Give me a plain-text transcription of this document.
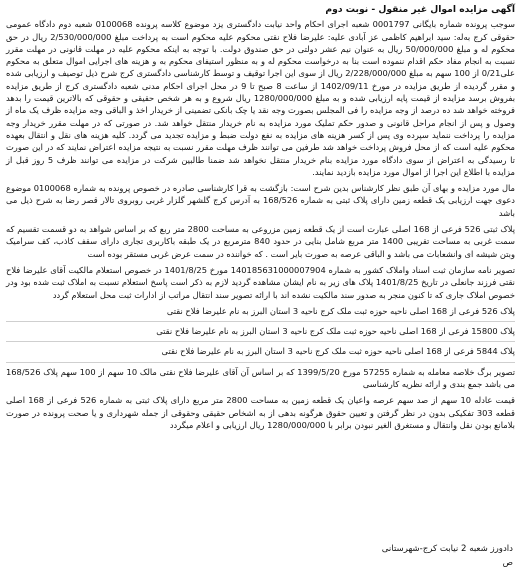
آگهی مزایده اموال غیر منقول - نوبت دوم

سوجب پرونده شماره بایگانی 0001797 شعبه اجرای احکام واحد نیابت دادگستری یزد موضوع کلاسه پرونده 0100068 شعبه دوم دادگاه عمومی حقوقی کرج به‌له: سید ابراهیم کاظمی عز آبادی علیه: علیرضا فلاح نقتی محکوم علیه محکوم است به پرداخت مبلغ 2/530/000/000 ریال در حق محکوم له و مبلغ 50/000/000 ریال به عنوان نیم عشر دولتی در حق صندوق دولت. با توجه به اینکه محکوم علیه در مهلت قانونی در مهلت مقرر نسبت به انجام مفاد حکم اقدام ننموده است بنا به درخواست محکوم له و به منظور استیفای محکوم به و هزینه های اجرایی اموال متعلق به محکوم علی0/21 از 100 سهم به مبلغ 2/228/000/000 ریال از سوی این اجرا توقیف و توسط کارشناسی دادگستری کرج شرح ذیل توصیف و ارزیابی شده و مقرر گردیده از طریق مزایده در مورخ 1402/09/11 از ساعت 8 صبح تا 9 در محل اجرای احکام مدنی شعبه دادگستری کرج از طریق مزایده بفروش برسد مزایده از قیمت پایه ارزیابی شده و به مبلغ 1280/000/000 ریال شروع و به هر شخص حقیقی و حقوقی که بالاترین قیمت را بدهد فروخته خواهد شد ده درصد از وجه مزایده را فی المجلس بصورت وجه نقد یا چک بانکی تضمینی از خریدار اخذ و الباقی وجه مزایده ظرف یک ماه از وصول و پس از انجام مراحل قانونی و صدور حکم تملیک مورد مزایده به نام خریدار منتقل خواهد شد. در صورتی که در مهلت مقرر خریدار وجه مزایده را پرداخت ننماید سپرده وی پس از کسر هزینه های مزایده به نفع دولت ضبط و مزایده تجدید می گردد. کلیه هزینه های نقل و انتقال بعهده محکوم علیه است که از محل فروش پرداخت خواهد شد طرفین می توانند ظرف مهلت مقرر نسبت به نتیجه مزایده اعتراض نمایند که در این صورت تا رسیدگی به اعتراض از سوی دادگاه مورد مزایده بنام خریدار منتقل نخواهد شد ضمنا طالبین شرکت در مزایده می توانند ظرف 5 روز قبل از مزایده با اطلاع این اجرا از اموال مورد مزایده بازدید نمایند.

مال مورد مزایده و بهای آن طبق نظر کارشناس بدین شرح است: بازگشت به قرا کارشناسی صادره در خصوص پرونده به شماره 0100068 موضوع دعوی جهت ارزیابی یک قطعه زمین دارای پلاک ثبتی به شماره 168/526 به آدرس کرج گلشهر گلزار غربی روبروی تالار قصر رضا به شرح ذیل می باشد

پلاک ثبتی 526 فرعی از 168 اصلی عبارت است از یک قطعه زمین مزروعی به مساحت 2800 متر ربع که بر اساس شواهد به دو قسمت تقسیم که سمت غربی به مساحت تقریبی 1400 متر مربع شامل بنایی در حدود 840 مترمربع در یک طبقه باکاربری تجاری دارای سقف کاذب، کف سرامیک وبتن شیشه ای وانشعابات می باشد و الباقی عرصه به صورت بایر است . که خواننده در سمت عرض غربی مستقر بوده است

تصویر نامه سازمان ثبت اسناد واملاک کشور به شماره 140185631000007904 مورخ 1401/8/25 در خصوص استعلام مالکیت آقای علیرضا فلاح نقتی فرزند جانعلی در تاریخ 1401/8/25 پلاک های زیر به نام ایشان مشاهده گردید لازم به ذکر است پاسخ استعلام نسبت به املاک ثبت شده بود ودر خصوص املاک جاری که تا کنون منجر به صدور سند مالکیت نشده اند با ارائه تصویر سند انتقال مراتب از ادارات ثبت محل استعلام گردد

پلاک 526 فرعی از 168 اصلی ناحیه حوزه ثبت ملک کرج ناحیه 3 استان البرز به نام علیرضا فلاح نقتی

پلاک 15800 فرعی از 168 اصلی ناحیه حوزه ثبت ملک کرج ناحیه 3 استان البرز به نام علیرضا فلاح نقتی

پلاک 5844 فرعی از 168 اصلی ناحیه حوزه ثبت ملک کرج ناحیه 3 استان البرز به نام علیرضا فلاح نقتی

تصویر برگ خلاصه معامله به شماره 57255 مورخ 1399/5/20 که بر اساس آن آقای علیرضا فلاح نقتی مالک 10 سهم از 100 سهم پلاک 168/526 می باشد جمع بندی و ارائه نظریه کارشناسی

قیمت عادله 10 سهم از صد سهم عرصه واعیان یک قطعه زمین به مساحت 2800 متر مربع دارای پلاک ثبتی به شماره 526 فرعی از 168 اصلی قطعه 303 تفکیکی بدون در نظر گرفتن و تعیین حقوق هرگونه بدهی از به اشخاص حقیقی وحقوقی از جمله شهرداری و یا صحت پرونده در صورت بلامانع بودن نقل وانتقال و مستغرق الغیر نبودن برابر با 1280/000/000 ریال ارزیابی و اعلام میگردد

دادورز شعبه 2 نیابت کرج-شهرستانی
ص
